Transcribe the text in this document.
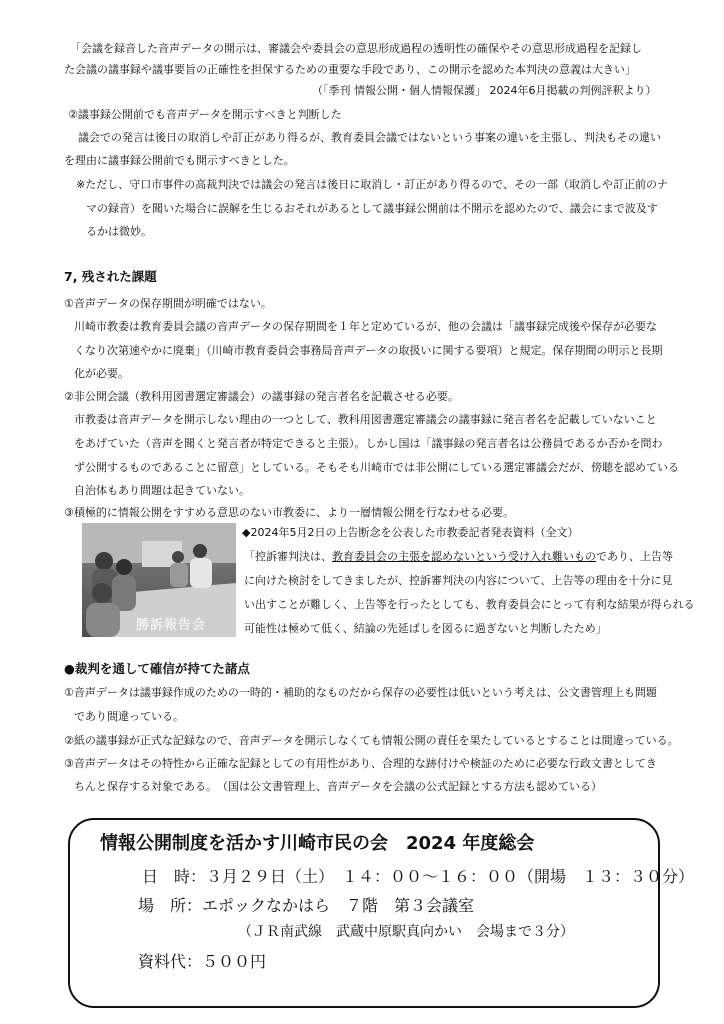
「会議を録音した音声データの開示は、審議会や委員会の意思形成過程の透明性の確保やその意思形成過程を記録し
た会議の議事録や議事要旨の正確性を担保するための重要な手段であり、この開示を認めた本判決の意義は大きい」
（「季刊 情報公開・個人情報保護」 2024年6月掲載の判例評釈より）
②議事録公開前でも音声データを開示すべきと判断した
議会での発言は後日の取消しや訂正があり得るが、教育委員会議ではないという事案の違いを主張し、判決もその違い
を理由に議事録公開前でも開示すべきとした。
※ただし、守口市事件の高裁判決では議会の発言は後日に取消し・訂正があり得るので、その一部（取消しや訂正前のナ
マの録音）を聞いた場合に誤解を生じるおそれがあるとして議事録公開前は不開示を認めたので、議会にまで波及す
るかは微妙。
7, 残された課題
①音声データの保存期間が明確ではない。
川崎市教委は教育委員会議の音声データの保存期間を１年と定めているが、他の会議は「議事録完成後や保存が必要な
くなり次第速やかに廃棄」（川崎市教育委員会事務局音声データの取扱いに関する要項）と規定。保存期間の明示と長期
化が必要。
②非公開会議（教科用図書選定審議会）の議事録の発言者名を記載させる必要。
市教委は音声データを開示しない理由の一つとして、教科用図書選定審議会の議事録に発言者名を記載していないこと
をあげていた（音声を聞くと発言者が特定できると主張）。しかし国は「議事録の発言者名は公務員であるか否かを問わ
ず公開するものであることに留意」としている。そもそも川崎市では非公開にしている選定審議会だが、傍聴を認めている
自治体もあり問題は起きていない。
③積極的に情報公開をすすめる意思のない市教委に、より一層情報公開を行なわせる必要。
勝訴報告会
◆2024年5月2日の上告断念を公表した市教委記者発表資料（全文）
「控訴審判決は、教育委員会の主張を認めないという受け入れ難いものであり、上告等
に向けた検討をしてきましたが、控訴審判決の内容について、上告等の理由を十分に見
い出すことが難しく、上告等を行ったとしても、教育委員会にとって有利な結果が得られる
可能性は極めて低く、結論の先延ばしを図るに過ぎないと判断したため」
●裁判を通して確信が持てた諸点
①音声データは議事録作成のための一時的・補助的なものだから保存の必要性は低いという考えは、公文書管理上も問題
であり間違っている。
②紙の議事録が正式な記録なので、音声データを開示しなくても情報公開の責任を果たしているとすることは間違っている。
③音声データはその特性から正確な記録としての有用性があり、合理的な跡付けや検証のために必要な行政文書としてき
ちんと保存する対象である。　（国は公文書管理上、音声データを会議の公式記録とする方法も認めている）
情報公開制度を活かす川崎市民の会　2024 年度総会
日　時：３月２９日（土）　１４：００～１６：００（開場　１３：３０分）
場　所：エポックなかはら　７階　第３会議室
（ＪＲ南武線　武蔵中原駅真向かい　会場まで３分）
資料代：５００円
